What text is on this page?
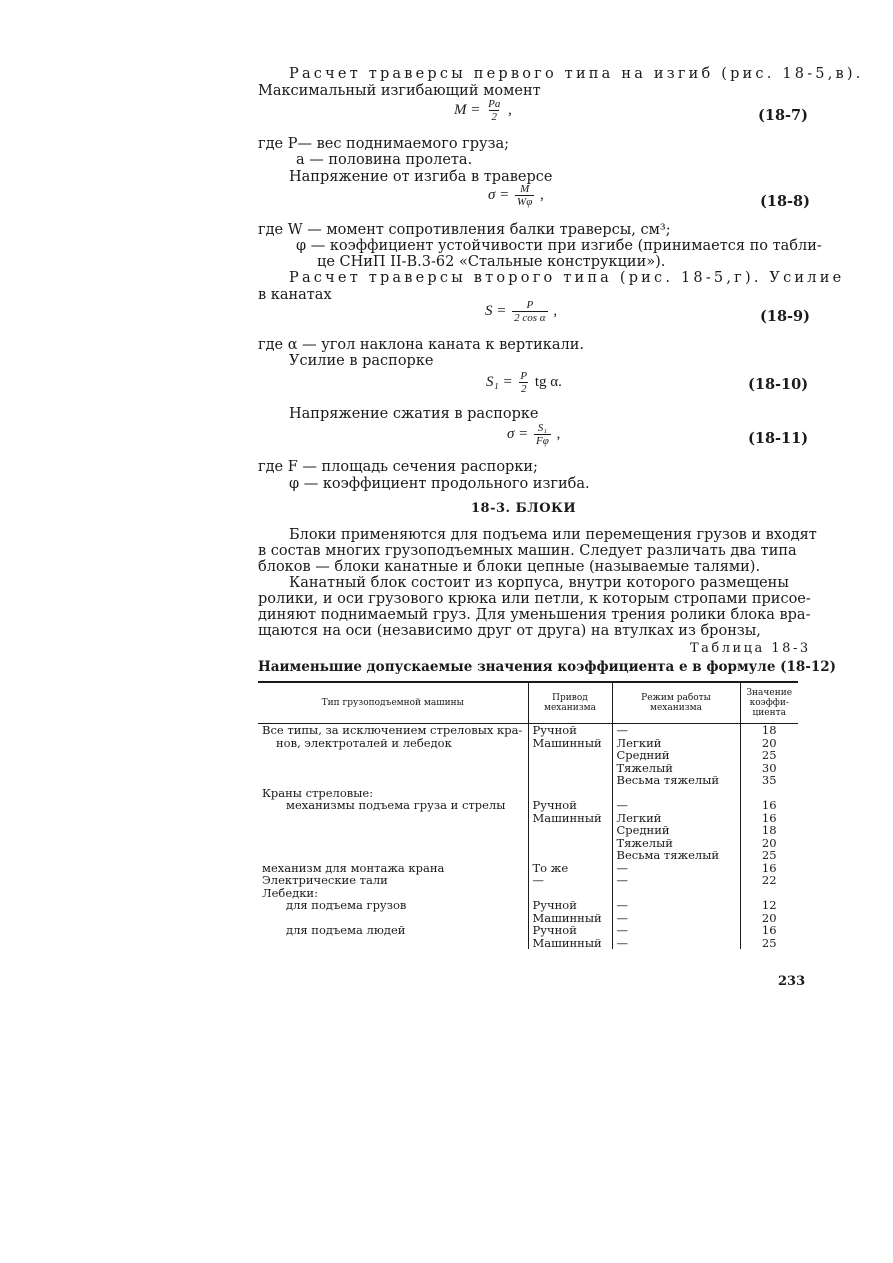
Расчет траверсы первого типа на изгиб (рис. 18-5,в).
Максимальный изгибающий момент
$M = \frac{Pa}{2}$ ,	(18-7)
где P— вес поднимаемого груза;
a — половина пролета.
Напряжение от изгиба в траверсе
$\sigma = \frac{M}{W\varphi}$ ,	(18-8)
где W — момент сопротивления балки траверсы, см³;
φ — коэффициент устойчивости при изгибе (принимается по табли-
це СНиП II-В.3-62 «Стальные конструкции»).
Расчет траверсы второго типа (рис. 18-5,г). Усилие
в канатах
$S = \frac{P}{\text{2 cos α}}$ ,	(18-9)
где α — угол наклона каната к вертикали.
Усилие в распорке
$S_1 = \frac{P}{2}$ tg α.	(18-10)
Напряжение сжатия в распорке
$\sigma = \frac{\text{S₁}}{F\varphi}$ ,	(18-11)
где F — площадь сечения распорки;
φ — коэффициент продольного изгиба.
18-3. БЛОКИ
Блоки применяются для подъема или перемещения грузов и входят
в состав многих грузоподъемных машин. Следует различать два типа
блоков — блоки канатные и блоки цепные (называемые талями).
Канатный блок состоит из корпуса, внутри которого размещены
ролики, и оси грузового крюка или петли, к которым стропами присое-
диняют поднимаемый груз. Для уменьшения трения ролики блока вра-
щаются на оси (независимо друг от друга) на втулках из бронзы,
Таблица 18-3
Наименьшие допускаемые значения коэффициента e в формуле (18-12)
Тип грузоподъемной машины	Привод механизма	Режим работы механизма	Значение коэффи-циента
Все типы, за исключением стреловых кра-	Ручной	—	18
нов, электроталей и лебедок	Машинный	Легкий	20
		Средний	25
		Тяжелый	30
		Весьма тяжелый	35
Краны стреловые:			
механизмы подъема груза и стрелы	Ручной	—	16
	Машинный	Легкий	16
		Средний	18
		Тяжелый	20
		Весьма тяжелый	25
механизм для монтажа крана	То же	—	16
Электрические тали	—	—	22
Лебедки:			
для подъема грузов	Ручной	—	12
	Машинный	—	20
для подъема людей	Ручной	—	16
	Машинный	—	25
233
